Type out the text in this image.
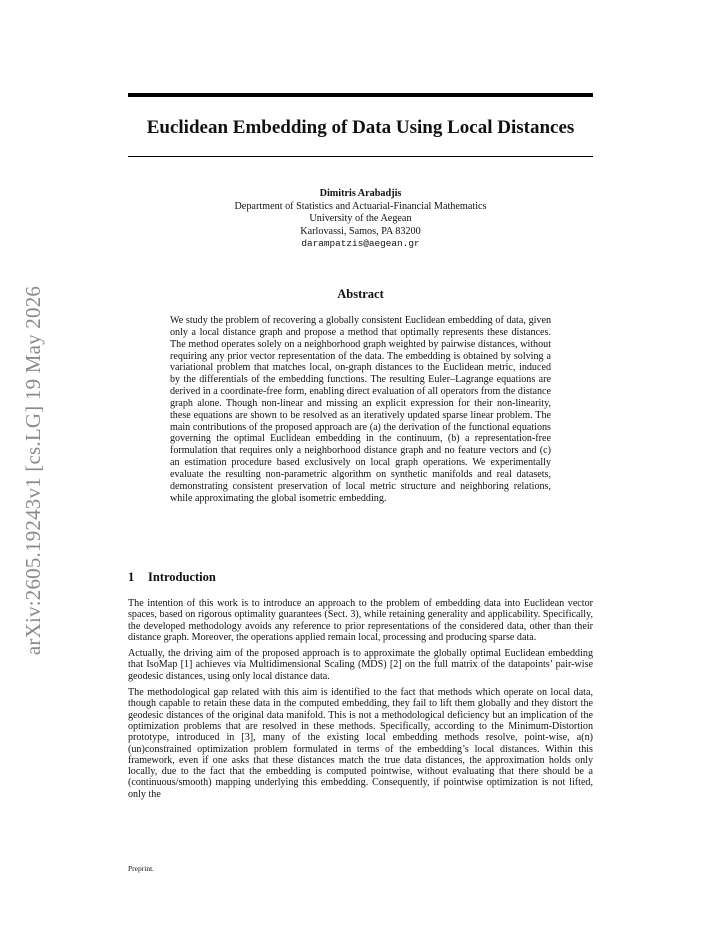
arXiv:2605.19243v1 [cs.LG] 19 May 2026
Euclidean Embedding of Data Using Local Distances
Dimitris Arabadjis
Department of Statistics and Actuarial-Financial Mathematics
University of the Aegean
Karlovassi, Samos, PA 83200
darampatzis@aegean.gr
Abstract
We study the problem of recovering a globally consistent Euclidean embedding of data, given only a local distance graph and propose a method that optimally represents these distances. The method operates solely on a neighborhood graph weighted by pairwise distances, without requiring any prior vector representation of the data. The embedding is obtained by solving a variational problem that matches local, on-graph distances to the Euclidean metric, induced by the differentials of the embedding functions. The resulting Euler–Lagrange equations are derived in a coordinate-free form, enabling direct evaluation of all operators from the distance graph alone. Though non-linear and missing an explicit expression for their non-linearity, these equations are shown to be resolved as an iteratively updated sparse linear problem. The main contributions of the proposed approach are (a) the derivation of the functional equations governing the optimal Euclidean embedding in the continuum, (b) a representation-free formulation that requires only a neighborhood distance graph and no feature vectors and (c) an estimation procedure based exclusively on local graph operations. We experimentally evaluate the resulting non-parametric algorithm on synthetic manifolds and real datasets, demonstrating consistent preservation of local metric structure and neighboring relations, while approximating the global isometric embedding.
1 Introduction

The intention of this work is to introduce an approach to the problem of embedding data into Euclidean vector spaces, based on rigorous optimality guarantees (Sect. 3), while retaining generality and applicability. Specifically, the developed methodology avoids any reference to prior representations of the considered data, other than their distance graph. Moreover, the operations applied remain local, processing and producing sparse data.

Actually, the driving aim of the proposed approach is to approximate the globally optimal Euclidean embedding that IsoMap [1] achieves via Multidimensional Scaling (MDS) [2] on the full matrix of the datapoints’ pair-wise geodesic distances, using only local distance data.

The methodological gap related with this aim is identified to the fact that methods which operate on local data, though capable to retain these data in the computed embedding, they fail to lift them globally and they distort the geodesic distances of the original data manifold. This is not a methodological deficiency but an implication of the optimization problems that are resolved in these methods. Specifically, according to the Minimum-Distortion prototype, introduced in [3], many of the existing local embedding methods resolve, point-wise, a(n) (un)constrained optimization problem formulated in terms of the embedding’s local distances. Within this framework, even if one asks that these distances match the true data distances, the approximation holds only locally, due to the fact that the embedding is computed pointwise, without evaluating that there should be a (continuous/smooth) mapping underlying this embedding. Consequently, if pointwise optimization is not lifted, only the

Preprint.
